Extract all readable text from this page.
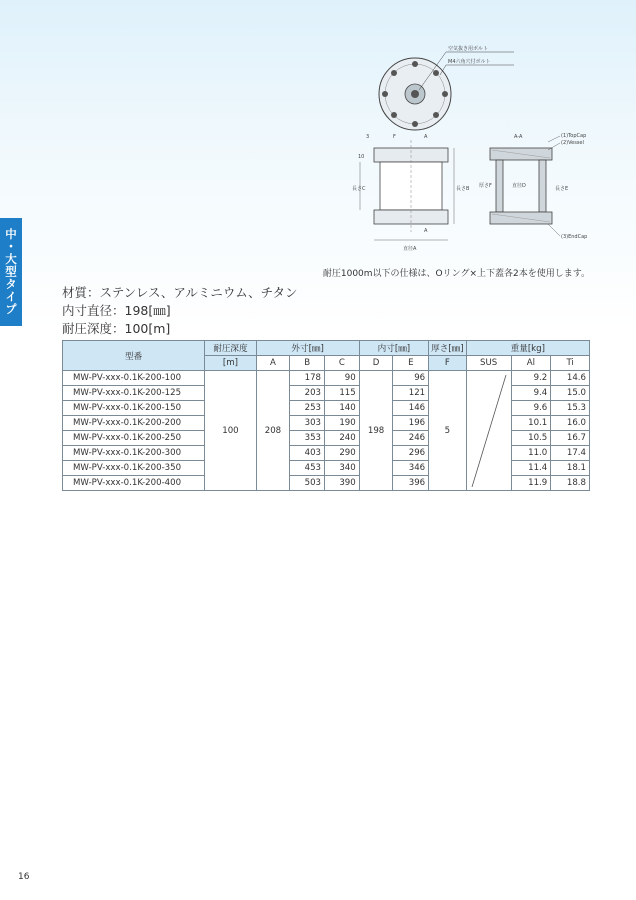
中・大型タイプ
空気抜き用ボルト
M4六角穴付ボルト
3	F	A
10
長さC	長さB
A
直径A
A-A	(1)TopCap
(2)Vessel
(3)EndCap
厚さF	直径D	長さE
耐圧1000m以下の仕様は、Oリング×上下蓋各2本を使用します。
材質：ステンレス、アルミニウム、チタン
内寸直径：198[㎜]
耐圧深度：100[m]
型番	耐圧深度	外寸[㎜]			内寸[㎜]		厚さ[㎜]	重量[kg]		
	[m]	A	B	C	D	E	F	SUS	Al	Ti
MW-PV-xxx-0.1K-200-100	100	208	178	90	198	96	5		9.2	14.6
MW-PV-xxx-0.1K-200-125			203	115		121			9.4	15.0
MW-PV-xxx-0.1K-200-150			253	140		146			9.6	15.3
MW-PV-xxx-0.1K-200-200			303	190		196			10.1	16.0
MW-PV-xxx-0.1K-200-250			353	240		246			10.5	16.7
MW-PV-xxx-0.1K-200-300			403	290		296			11.0	17.4
MW-PV-xxx-0.1K-200-350			453	340		346			11.4	18.1
MW-PV-xxx-0.1K-200-400			503	390		396			11.9	18.8
16
